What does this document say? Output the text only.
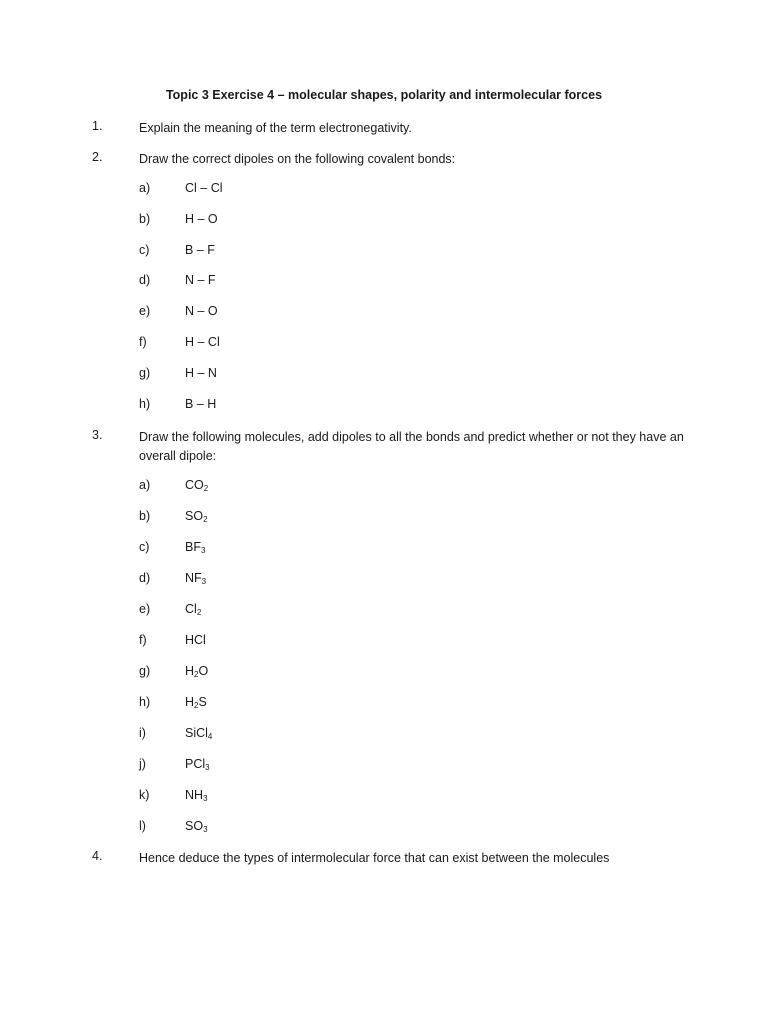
Topic 3 Exercise 4 – molecular shapes, polarity and intermolecular forces
1.	Explain the meaning of the term electronegativity.
2.	Draw the correct dipoles on the following covalent bonds:
a)	Cl – Cl
b)	H – O
c)	B – F
d)	N – F
e)	N – O
f)	H – Cl
g)	H – N
h)	B – H
3.	Draw the following molecules, add dipoles to all the bonds and predict whether or not they have an overall dipole:
a)	$CO_2$
b)	$SO_2$
c)	$BF_3$
d)	$NF_3$
e)	$Cl_2$
f)	HCl
g)	$H_2O$
h)	$H_2S$
i)	SiCl$_4$
j)	PCl$_3$
k)	$NH_3$
l)	$SO_3$
4.	Hence deduce the types of intermolecular force that can exist between the molecules
